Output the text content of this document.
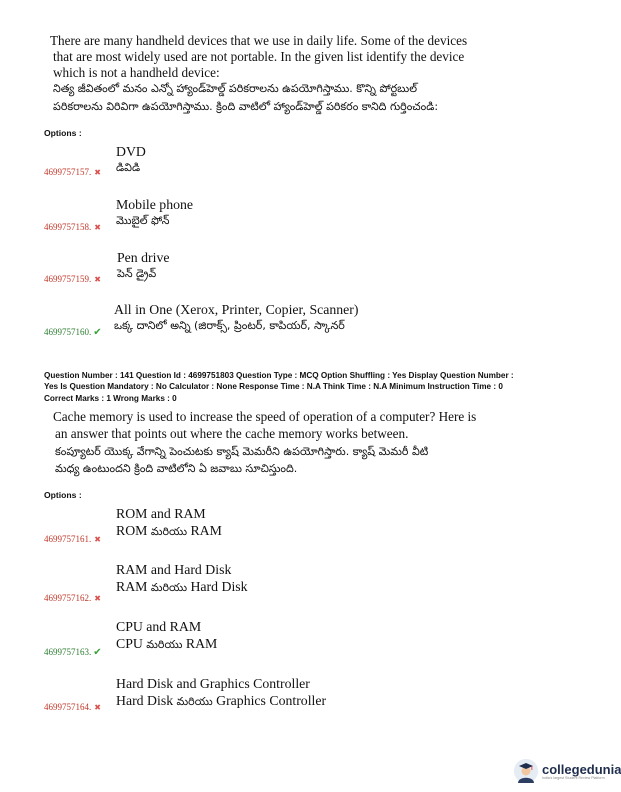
There are many handheld devices that we use in daily life. Some of the devices
that are most widely used are not portable. In the given list identify the device
which is not a handheld device:
నిత్య జీవితంలో మనం ఎన్నో హ్యాండ్‌హెల్డ్ పరికరాలను ఉపయోగిస్తాము. కొన్ని పోర్టబుల్
పరికరాలను విరివిగా ఉపయోగిస్తాము. క్రింది వాటిలో హ్యాండ్‌హెల్డ్ పరికరం కానిది గుర్తించండి:
Options :
DVD
డివిడి
4699757157. ✖
Mobile phone
మొబైల్ ఫోన్
4699757158. ✖
Pen drive
పెన్ డ్రైవ్
4699757159. ✖
All in One (Xerox, Printer, Copier, Scanner)
ఒక్క దానిలో అన్ని (జిరాక్స్, ప్రింటర్, కాపియర్, స్కానర్
4699757160. ✔
Question Number : 141 Question Id : 4699751803 Question Type : MCQ Option Shuffling : Yes Display Question Number :
Yes Is Question Mandatory : No Calculator : None Response Time : N.A Think Time : N.A Minimum Instruction Time : 0
Correct Marks : 1 Wrong Marks : 0
Cache memory is used to increase the speed of operation of a computer? Here is
an answer that points out where the cache memory works between.
కంప్యూటర్ యొక్క వేగాన్ని పెంచుటకు క్యాష్ మెమరీని ఉపయోగిస్తారు. క్యాష్ మెమరీ వీటి
మధ్య ఉంటుందని క్రింది వాటిలోని ఏ జవాబు సూచిస్తుంది.
Options :
ROM and RAM
ROM మరియు RAM
4699757161. ✖
RAM and Hard Disk
RAM మరియు Hard Disk
4699757162. ✖
CPU and RAM
CPU మరియు RAM
4699757163. ✔
Hard Disk and Graphics Controller
Hard Disk మరియు Graphics Controller
4699757164. ✖
collegedunia
India's largest Student Review Platform
